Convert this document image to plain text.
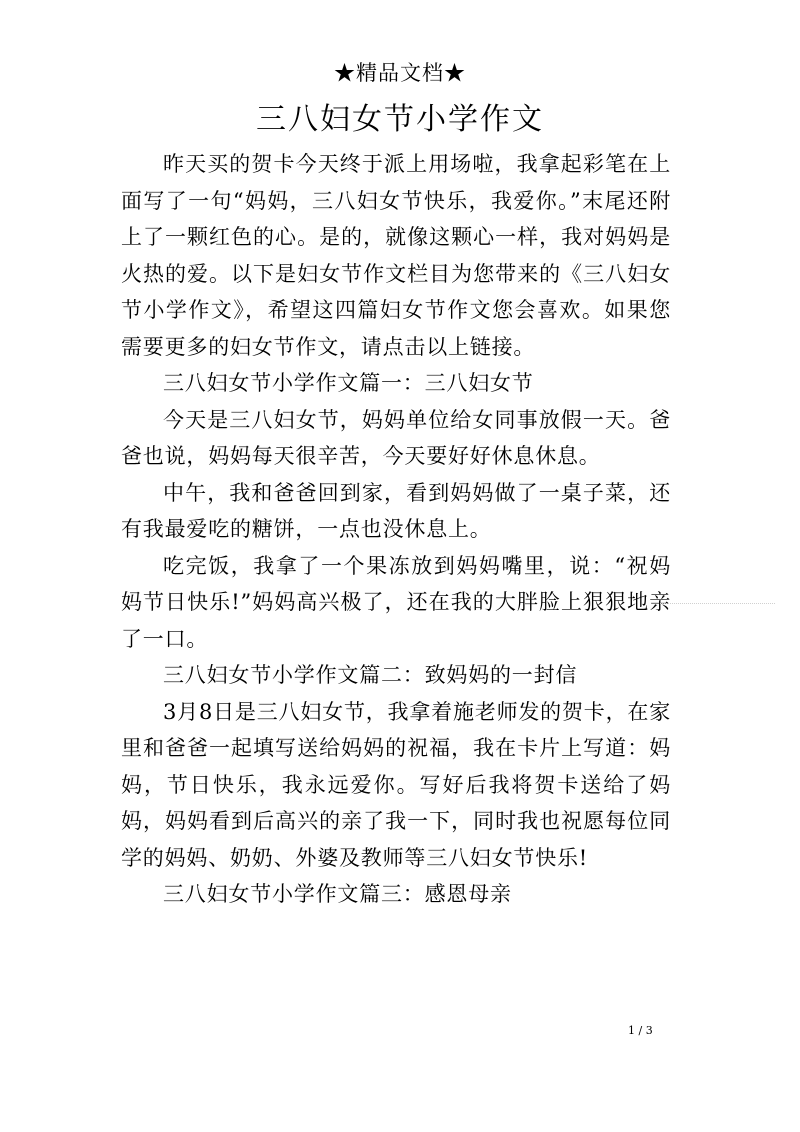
★精品文档★
三八妇女节小学作文

昨天买的贺卡今天终于派上用场啦，我拿起彩笔在上面写了一句“妈妈，三八妇女节快乐，我爱你。”末尾还附上了一颗红色的心。是的，就像这颗心一样，我对妈妈是火热的爱。以下是妇女节作文栏目为您带来的《三八妇女节小学作文》，希望这四篇妇女节作文您会喜欢。如果您需要更多的妇女节作文，请点击以上链接。

三八妇女节小学作文篇一：三八妇女节

今天是三八妇女节，妈妈单位给女同事放假一天。爸爸也说，妈妈每天很辛苦，今天要好好休息休息。

中午，我和爸爸回到家，看到妈妈做了一桌子菜，还有我最爱吃的糖饼，一点也没休息上。

吃完饭，我拿了一个果冻放到妈妈嘴里，说：“祝妈妈节日快乐!”妈妈高兴极了，还在我的大胖脸上狠狠地亲了一口。

三八妇女节小学作文篇二：致妈妈的一封信

3月8日是三八妇女节，我拿着施老师发的贺卡，在家里和爸爸一起填写送给妈妈的祝福，我在卡片上写道：妈妈，节日快乐，我永远爱你。写好后我将贺卡送给了妈妈，妈妈看到后高兴的亲了我一下，同时我也祝愿每位同学的妈妈、奶奶、外婆及教师等三八妇女节快乐!

三八妇女节小学作文篇三：感恩母亲

1 / 3
